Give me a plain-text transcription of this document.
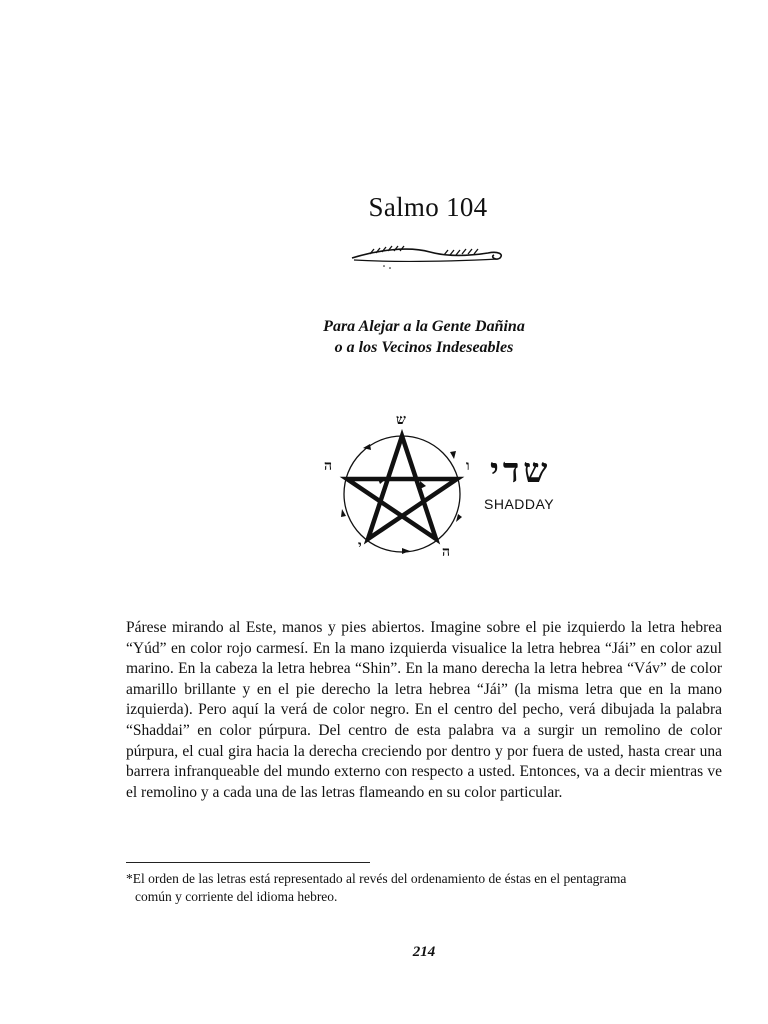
Salmo 104
Para Alejar a la Gente Dañina
o a los Vecinos Indeseables
ש
ה	ו
י	ה
שדי
SHADDAY
Párese mirando al Este, manos y pies abiertos. Imagine sobre el pie izquierdo la letra hebrea “Yúd” en color rojo carmesí. En la mano izquierda visualice la letra hebrea “Jái” en color azul marino. En la cabeza la letra hebrea “Shin”. En la mano derecha la letra hebrea “Váv” de color amarillo brillante y en el pie derecho la letra hebrea “Jái” (la misma letra que en la mano izquierda). Pero aquí la verá de color negro. En el centro del pecho, verá dibujada la palabra “Shaddai” en color púrpura. Del centro de esta palabra va a surgir un remolino de color púrpura, el cual gira hacia la derecha creciendo por dentro y por fuera de usted, hasta crear una barrera infranqueable del mundo externo con respecto a usted. Entonces, va a decir mientras ve el remolino y a cada una de las letras flameando en su color particular.
*El orden de las letras está representado al revés del ordenamiento de éstas en el pentagrama
común y corriente del idioma hebreo.
214
